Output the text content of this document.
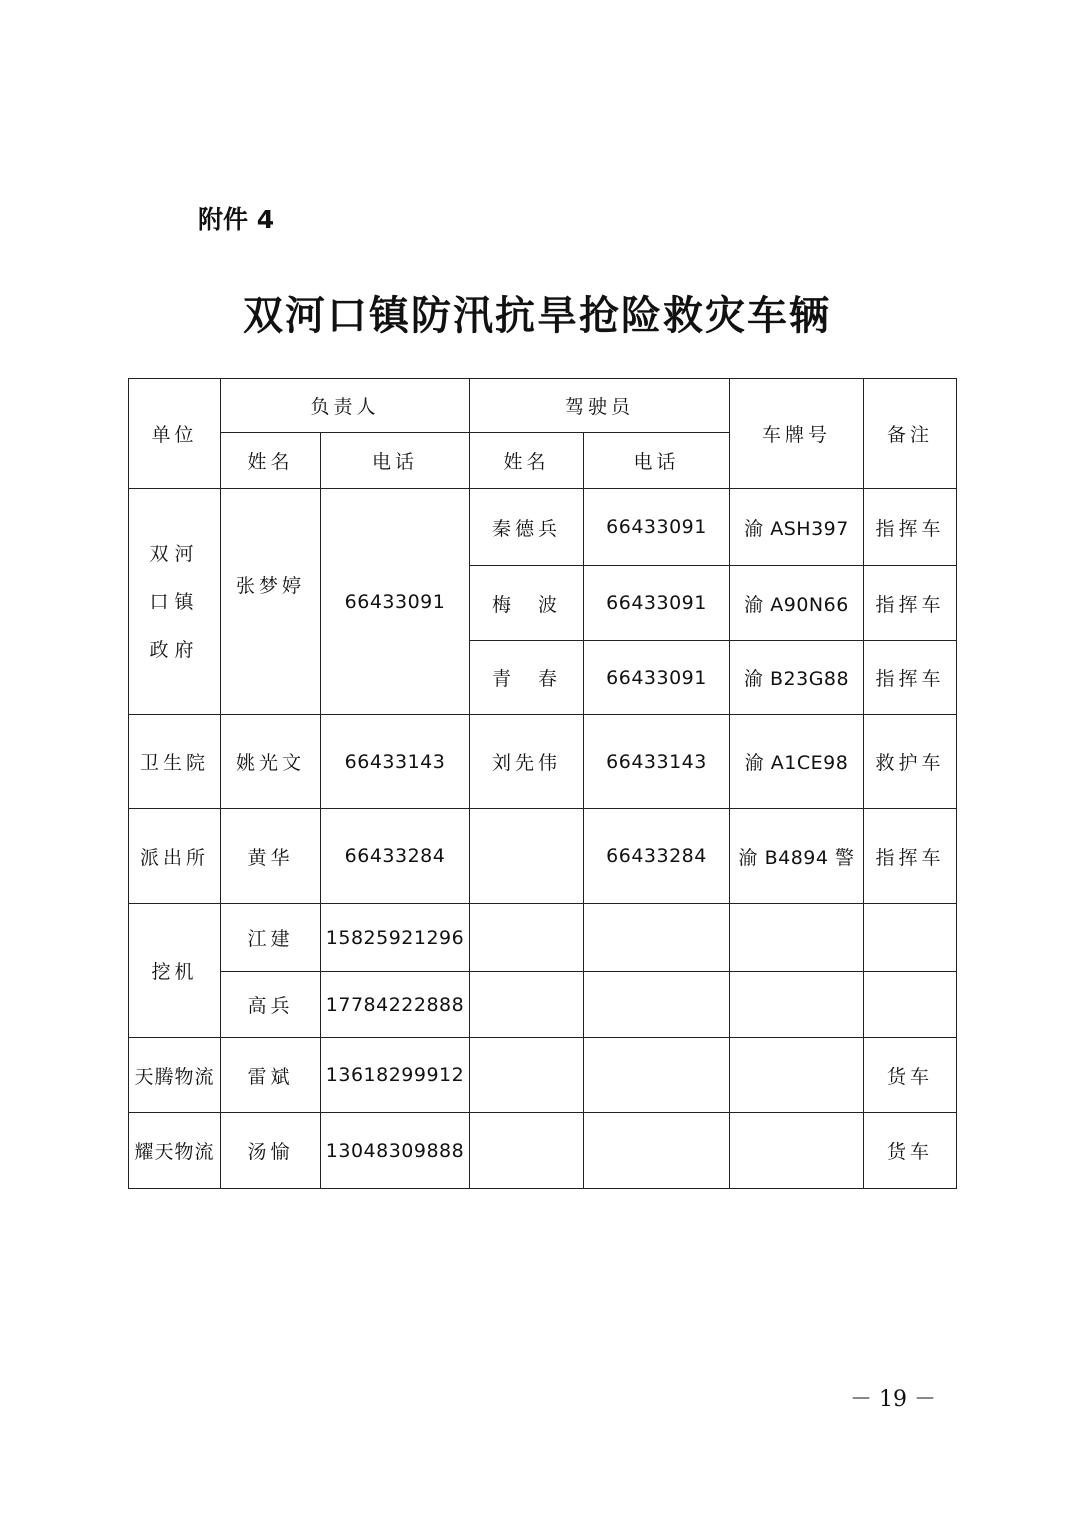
附件 4
双河口镇防汛抗旱抢险救灾车辆
单位	负责人		驾驶员		车牌号	备注
	姓名	电话	姓名	电话		

双河口镇政府	张梦婷	66433091	秦德兵	66433091	渝 ASH397	指挥车
			梅　波	66433091	渝 A90N66	指挥车
			青　春	66433091	渝 B23G88	指挥车
卫生院	姚光文	66433143	刘先伟	66433143	渝 A1CE98	救护车
派出所	黄华	66433284		66433284	渝 B4894 警	指挥车
挖机	江建	15825921296				
	高兵	17784222888				
天腾物流	雷斌	13618299912				货车
耀天物流	汤愉	13048309888				货车
－ 19 －
